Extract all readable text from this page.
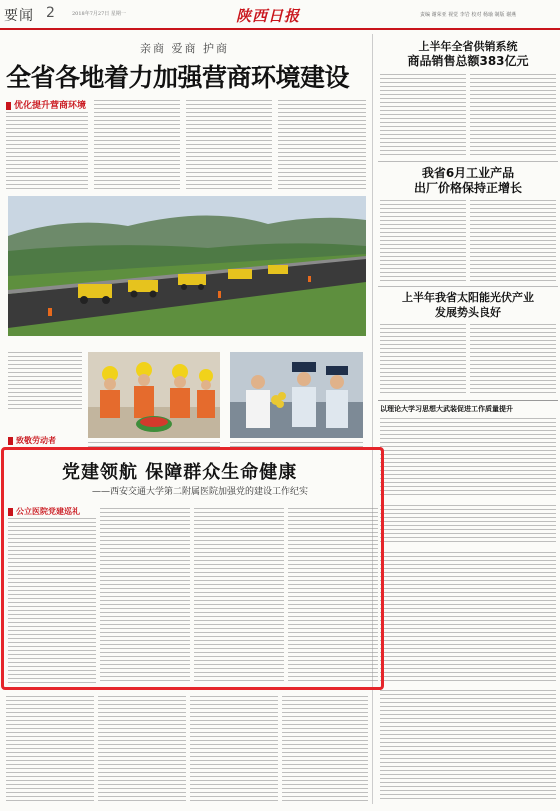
要闻 2	2018年7月27日 星期一	陕西日报	责编 谢荣亚 视觉 李岩 校对 杨瑜 制版 谢燕
亲商 爱商 护商
全省各地着力加强营商环境建设
优化提升营商环境
上半年全省供销系统
商品销售总额383亿元
我省6月工业产品
出厂价格保持正增长
上半年我省太阳能光伏产业
发展势头良好
以理论大学习思想大武装促进工作质量提升
致敬劳动者
党建领航 保障群众生命健康
——西安交通大学第二附属医院加强党的建设工作纪实
公立医院党建巡礼
